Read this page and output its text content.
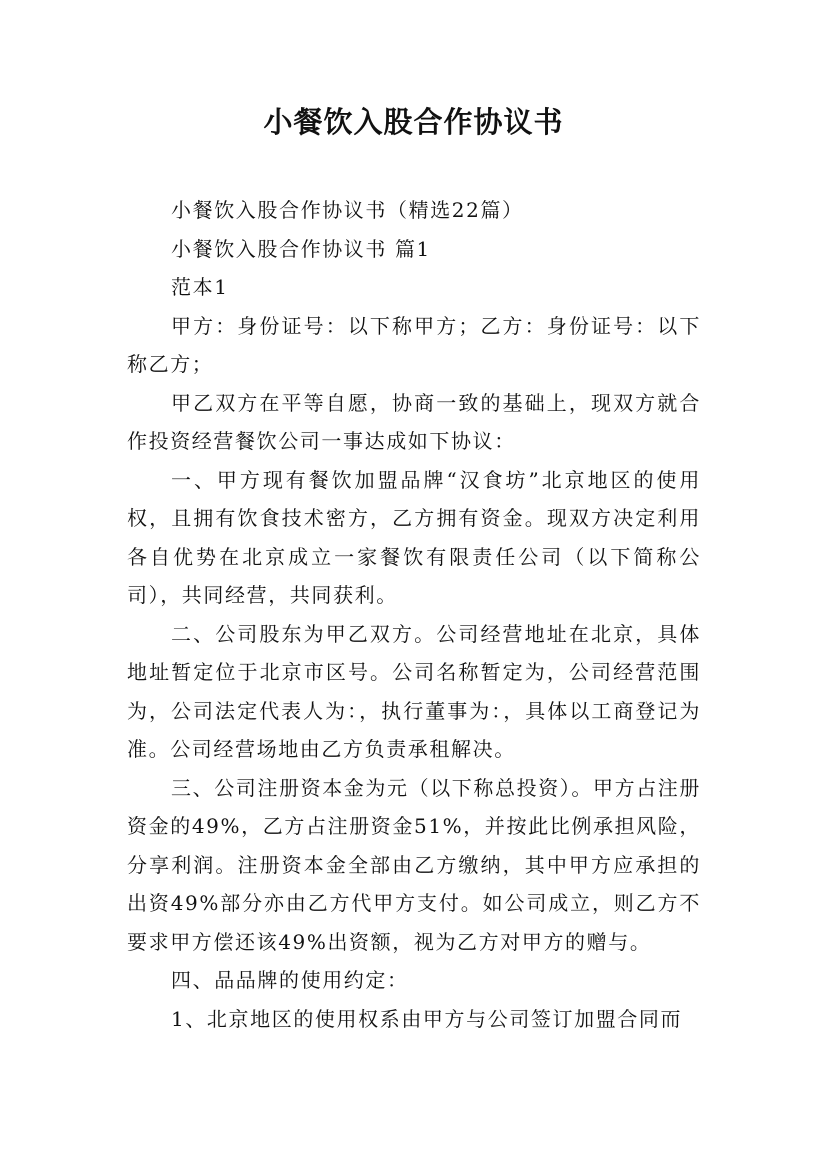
小餐饮入股合作协议书

小餐饮入股合作协议书（精选22篇）

小餐饮入股合作协议书 篇1

范本1

甲方：身份证号：以下称甲方；乙方：身份证号：以下称乙方；

甲乙双方在平等自愿，协商一致的基础上，现双方就合作投资经营餐饮公司一事达成如下协议：

一、甲方现有餐饮加盟品牌“汉食坊”北京地区的使用权，且拥有饮食技术密方，乙方拥有资金。现双方决定利用各自优势在北京成立一家餐饮有限责任公司（以下简称公司），共同经营，共同获利。

二、公司股东为甲乙双方。公司经营地址在北京，具体地址暂定位于北京市区号。公司名称暂定为，公司经营范围为，公司法定代表人为：，执行董事为：，具体以工商登记为准。公司经营场地由乙方负责承租解决。

三、公司注册资本金为元（以下称总投资）。甲方占注册资金的49%，乙方占注册资金51%，并按此比例承担风险，分享利润。注册资本金全部由乙方缴纳，其中甲方应承担的出资49%部分亦由乙方代甲方支付。如公司成立，则乙方不要求甲方偿还该49%出资额，视为乙方对甲方的赠与。

四、品品牌的使用约定：

1、北京地区的使用权系由甲方与公司签订加盟合同而
